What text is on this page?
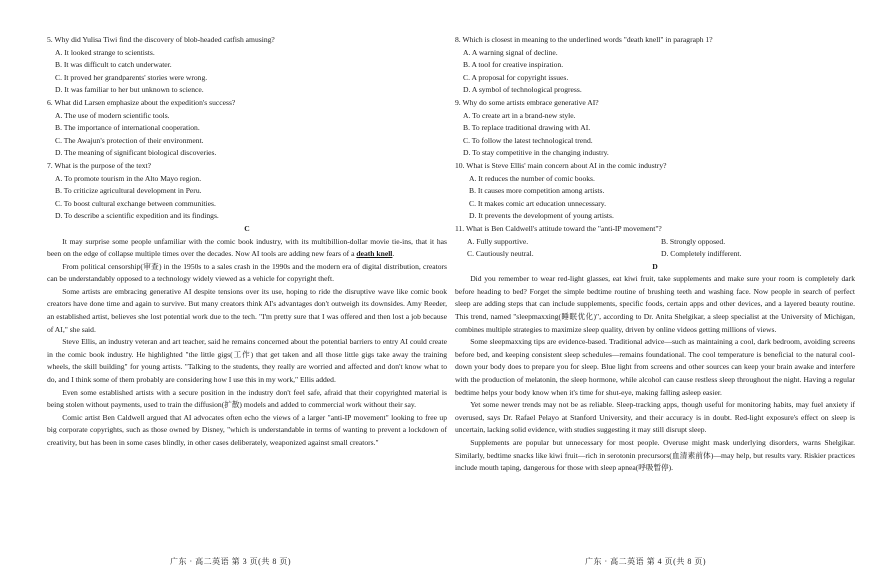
5. Why did Yulisa Tiwi find the discovery of blob-headed catfish amusing?

A. It looked strange to scientists.

B. It was difficult to catch underwater.

C. It proved her grandparents' stories were wrong.

D. It was familiar to her but unknown to science.

6. What did Larsen emphasize about the expedition's success?

A. The use of modern scientific tools.

B. The importance of international cooperation.

C. The Awajun's protection of their environment.

D. The meaning of significant biological discoveries.

7. What is the purpose of the text?

A. To promote tourism in the Alto Mayo region.

B. To criticize agricultural development in Peru.

C. To boost cultural exchange between communities.

D. To describe a scientific expedition and its findings.

C

It may surprise some people unfamiliar with the comic book industry, with its multibillion-dollar movie tie-ins, that it has been on the edge of collapse multiple times over the decades. Now AI tools are adding new fears of a death knell.

From political censorship(审查) in the 1950s to a sales crash in the 1990s and the modern era of digital distribution, creators can be understandably opposed to a technology widely viewed as a vehicle for copyright theft.

Some artists are embracing generative AI despite tensions over its use, hoping to ride the disruptive wave like comic book creators have done time and again to survive. But many creators think AI's advantages don't outweigh its downsides. Amy Reeder, an established artist, believes she lost potential work due to the tech. "I'm pretty sure that I was offered and then lost a job because of AI," she said.

Steve Ellis, an industry veteran and art teacher, said he remains concerned about the potential barriers to entry AI could create in the comic book industry. He highlighted "the little gigs(工作) that get taken and all those little gigs take away the training wheels, the skill building" for young artists. "Talking to the students, they really are worried and affected and don't know what to do, and I think some of them probably are considering how I use this in my work," Ellis added.

Even some established artists with a secure position in the industry don't feel safe, afraid that their copyrighted material is being stolen without payments, used to train the diffusion(扩散) models and added to commercial work without their say.

Comic artist Ben Caldwell argued that AI advocates often echo the views of a larger "anti-IP movement" looking to free up big corporate copyrights, such as those owned by Disney, "which is understandable in terms of wanting to prevent a lockdown of creativity, but has been in some cases blindly, in other cases deliberately, weaponized against small creators."

8. Which is closest in meaning to the underlined words "death knell" in paragraph 1?

A. A warning signal of decline.

B. A tool for creative inspiration.

C. A proposal for copyright issues.

D. A symbol of technological progress.

9. Why do some artists embrace generative AI?

A. To create art in a brand-new style.

B. To replace traditional drawing with AI.

C. To follow the latest technological trend.

D. To stay competitive in the changing industry.

10. What is Steve Ellis' main concern about AI in the comic industry?

A. It reduces the number of comic books.

B. It causes more competition among artists.

C. It makes comic art education unnecessary.

D. It prevents the development of young artists.

11. What is Ben Caldwell's attitude toward the "anti-IP movement"?

A. Fully supportive.	B. Strongly opposed.
C. Cautiously neutral.	D. Completely indifferent.

D

Did you remember to wear red-light glasses, eat kiwi fruit, take supplements and make sure your room is completely dark before heading to bed? Forget the simple bedtime routine of brushing teeth and washing face. Now people in search of perfect sleep are adding steps that can include supplements, specific foods, certain apps and other devices, and a layered beauty routine. This trend, named "sleepmaxxing(睡眠优化)", according to Dr. Anita Shelgikar, a sleep specialist at the University of Michigan, combines multiple strategies to maximize sleep quality, driven by online videos getting millions of views.

Some sleepmaxxing tips are evidence-based. Traditional advice—such as maintaining a cool, dark bedroom, avoiding screens before bed, and keeping consistent sleep schedules—remains foundational. The cool temperature is beneficial to the natural cool-down your body does to prepare you for sleep. Blue light from screens and other sources can keep your brain awake and interfere with the production of melatonin, the sleep hormone, while alcohol can cause restless sleep throughout the night. Having a regular bedtime helps your body know when it's time for shut-eye, making falling asleep easier.

Yet some newer trends may not be as reliable. Sleep-tracking apps, though useful for monitoring habits, may fuel anxiety if overused, says Dr. Rafael Pelayo at Stanford University, and their accuracy is in doubt. Red-light exposure's effect on sleep is uncertain, lacking solid evidence, with studies suggesting it may still disrupt sleep.

Supplements are popular but unnecessary for most people. Overuse might mask underlying disorders, warns Shelgikar. Similarly, bedtime snacks like kiwi fruit—rich in serotonin precursors(血清素前体)—may help, but results vary. Riskier practices include mouth taping, dangerous for those with sleep apnea(呼吸暂停).

广东 · 高二英语 第 3 页(共 8 页)	广东 · 高二英语 第 4 页(共 8 页)
